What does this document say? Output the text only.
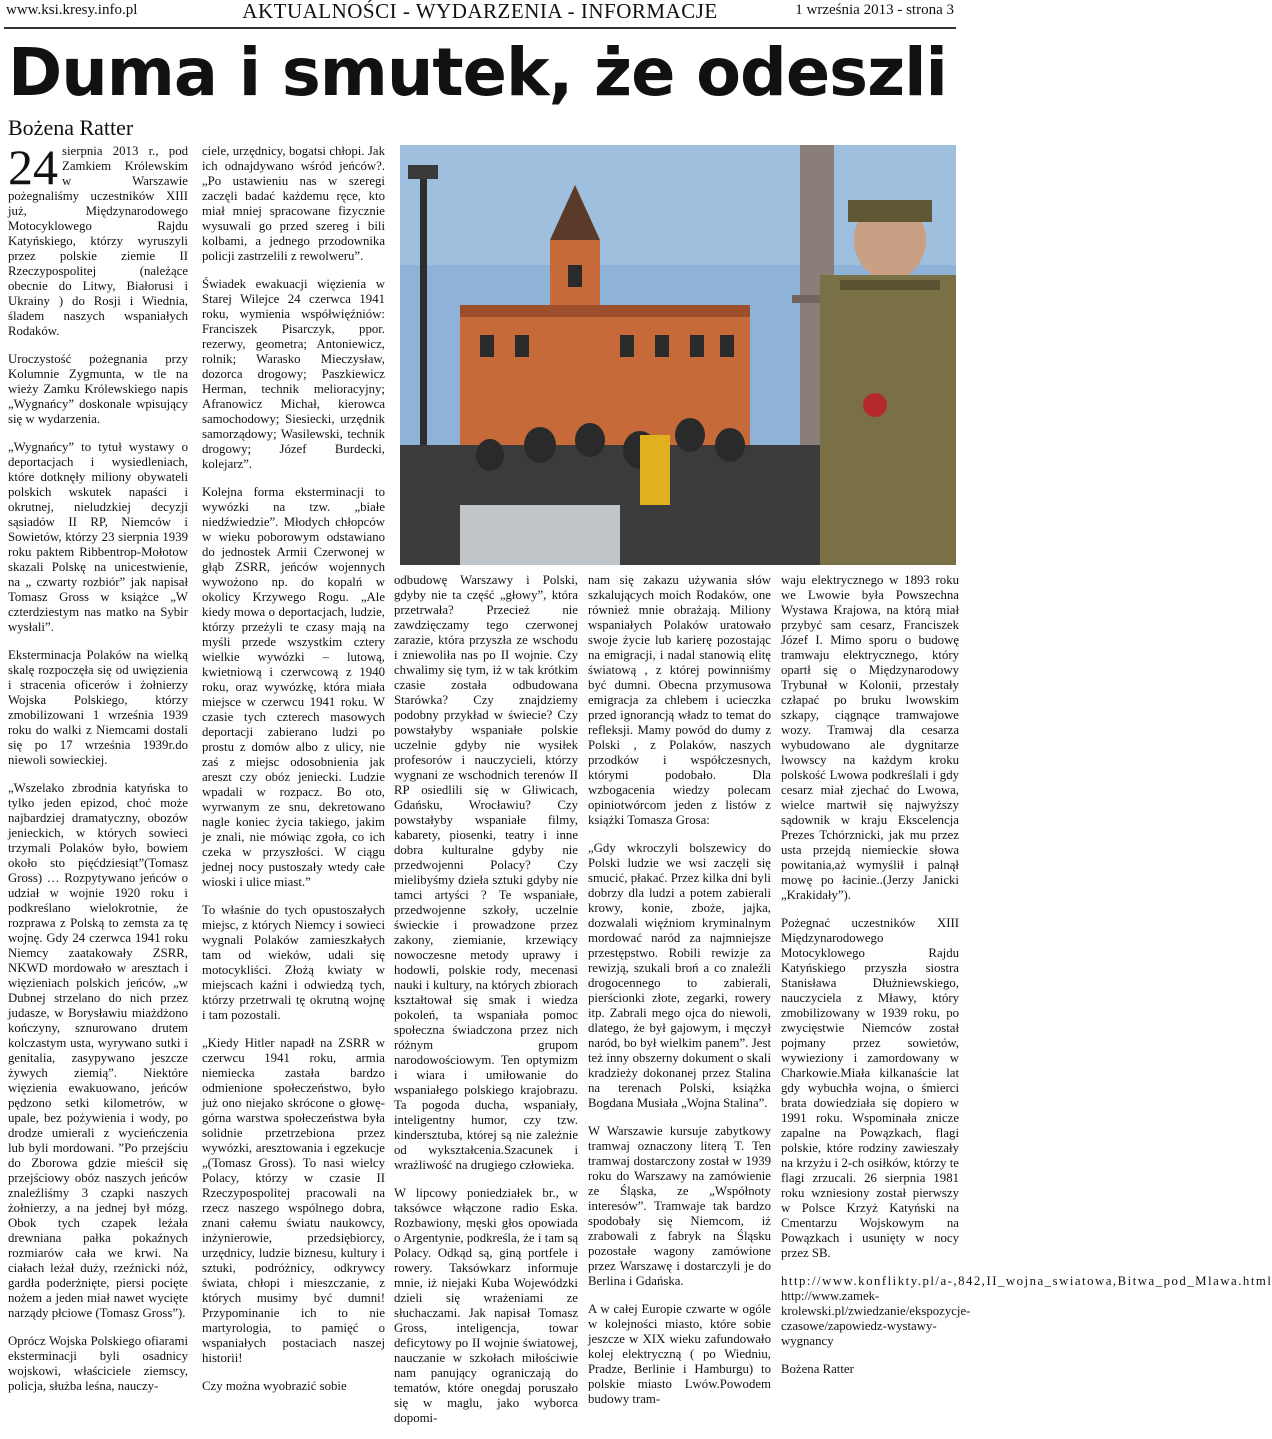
www.ksi.kresy.info.pl	AKTUALNOŚCI - WYDARZENIA - INFORMACJE	1 września 2013 - strona 3
Duma i smutek, że odeszli
Bożena Ratter

24 sierpnia 2013 r., pod Zamkiem Królewskim w Warszawie pożegnaliśmy uczestników XIII już, Międzynarodowego Motocyklowego Rajdu Katyńskiego, którzy wyruszyli przez polskie ziemie II Rzeczypospolitej (należące obecnie do Litwy, Białorusi i Ukrainy ) do Rosji i Wiednia, śladem naszych wspaniałych Rodaków.

Uroczystość pożegnania przy Kolumnie Zygmunta, w tle na wieży Zamku Królewskiego napis „Wygnańcy” doskonale wpisujący się w wydarzenia.

„Wygnańcy” to tytuł wystawy o deportacjach i wysiedleniach, które dotknęły miliony obywateli polskich wskutek napaści i okrutnej, nieludzkiej decyzji sąsiadów II RP, Niemców i Sowietów, którzy 23 sierpnia 1939 roku paktem Ribbentrop-Mołotow skazali Polskę na unicestwienie, na „ czwarty rozbiór” jak napisał Tomasz Gross w książce „W czterdziestym nas matko na Sybir wysłali”.

Eksterminacja Polaków na wielką skalę rozpoczęła się od uwięzienia i stracenia oficerów i żołnierzy Wojska Polskiego, którzy zmobilizowani 1 września 1939 roku do walki z Niemcami dostali się po 17 września 1939r.do niewoli sowieckiej.

„Wszelako zbrodnia katyńska to tylko jeden epizod, choć może najbardziej dramatyczny, obozów jenieckich, w których sowieci trzymali Polaków było, bowiem około sto pięćdziesiąt”(Tomasz Gross) … Rozpytywano jeńców o udział w wojnie 1920 roku i podkreślano wielokrotnie, że rozprawa z Polską to zemsta za tę wojnę. Gdy 24 czerwca 1941 roku Niemcy zaatakowały ZSRR, NKWD mordowało w aresztach i więzieniach polskich jeńców, „w Dubnej strzelano do nich przez judasze, w Borysławiu miażdżono kończyny, sznurowano drutem kolczastym usta, wyrywano sutki i genitalia, zasypywano jeszcze żywych ziemią”. Niektóre więzienia ewakuowano, jeńców pędzono setki kilometrów, w upale, bez pożywienia i wody, po drodze umierali z wycieńczenia lub byli mordowani. ”Po przejściu do Zborowa gdzie mieścił się przejściowy obóz naszych jeńców znaleźliśmy 3 czapki naszych żołnierzy, a na jednej był mózg. Obok tych czapek leżała drewniana pałka pokaźnych rozmiarów cała we krwi. Na ciałach leżał duży, rzeźnicki nóż, gardła poderżnięte, piersi pocięte nożem a jeden miał nawet wycięte narządy płciowe (Tomasz Gross”).

Oprócz Wojska Polskiego ofiarami eksterminacji byli osadnicy wojskowi, właściciele ziemscy, policja, służba leśna, nauczy-

ciele, urzędnicy, bogatsi chłopi. Jak ich odnajdywano wśród jeńców?. „Po ustawieniu nas w szeregi zaczęli badać każdemu ręce, kto miał mniej spracowane fizycznie wysuwali go przed szereg i bili kolbami, a jednego przodownika policji zastrzelili z rewolweru”.

Świadek ewakuacji więzienia w Starej Wilejce 24 czerwca 1941 roku, wymienia współwięźniów: Franciszek Pisarczyk, ppor. rezerwy, geometra; Antoniewicz, rolnik; Warasko Mieczysław, dozorca drogowy; Paszkiewicz Herman, technik melioracyjny; Afranowicz Michał, kierowca samochodowy; Siesiecki, urzędnik samorządowy; Wasilewski, technik drogowy; Józef Burdecki, kolejarz”.

Kolejna forma eksterminacji to wywózki na tzw. „białe niedźwiedzie”. Młodych chłopców w wieku poborowym odstawiano do jednostek Armii Czerwonej w głąb ZSRR, jeńców wojennych wywożono np. do kopalń w okolicy Krzywego Rogu. „Ale kiedy mowa o deportacjach, ludzie, którzy przeżyli te czasy mają na myśli przede wszystkim cztery wielkie wywózki – lutową, kwietniową i czerwcową z 1940 roku, oraz wywózkę, która miała miejsce w czerwcu 1941 roku. W czasie tych czterech masowych deportacji zabierano ludzi po prostu z domów albo z ulicy, nie zaś z miejsc odosobnienia jak areszt czy obóz jeniecki. Ludzie wpadali w rozpacz. Bo oto, wyrwanym ze snu, dekretowano nagle koniec życia takiego, jakim je znali, nie mówiąc zgoła, co ich czeka w przyszłości. W ciągu jednej nocy pustoszały wtedy całe wioski i ulice miast.”

To właśnie do tych opustoszałych miejsc, z których Niemcy i sowieci wygnali Polaków zamieszkałych tam od wieków, udali się motocykliści. Złożą kwiaty w miejscach kaźni i odwiedzą tych, którzy przetrwali tę okrutną wojnę i tam pozostali.

„Kiedy Hitler napadł na ZSRR w czerwcu 1941 roku, armia niemiecka zastała bardzo odmienione społeczeństwo, było już ono niejako skrócone o głowę- górna warstwa społeczeństwa była solidnie przetrzebiona przez wywózki, aresztowania i egzekucje „(Tomasz Gross). To nasi wielcy Polacy, którzy w czasie II Rzeczypospolitej pracowali na rzecz naszego wspólnego dobra, znani całemu światu naukowcy, inżynierowie, przedsiębiorcy, urzędnicy, ludzie biznesu, kultury i sztuki, podróżnicy, odkrywcy świata, chłopi i mieszczanie, z których musimy być dumni! Przypominanie ich to nie martyrologia, to pamięć o wspaniałych postaciach naszej historii!

Czy można wyobrazić sobie

odbudowę Warszawy i Polski, gdyby nie ta część „głowy”, która przetrwała? Przecież nie zawdzięczamy tego czerwonej zarazie, która przyszła ze wschodu i zniewoliła nas po II wojnie. Czy chwalimy się tym, iż w tak krótkim czasie została odbudowana Starówka? Czy znajdziemy podobny przykład w świecie? Czy powstałyby wspaniałe polskie uczelnie gdyby nie wysiłek profesorów i nauczycieli, którzy wygnani ze wschodnich terenów II RP osiedlili się w Gliwicach, Gdańsku, Wrocławiu? Czy powstałyby wspaniałe filmy, kabarety, piosenki, teatry i inne dobra kulturalne gdyby nie przedwojenni Polacy? Czy mielibyśmy dzieła sztuki gdyby nie tamci artyści ? Te wspaniałe, przedwojenne szkoły, uczelnie świeckie i prowadzone przez zakony, ziemianie, krzewiący nowoczesne metody uprawy i hodowli, polskie rody, mecenasi nauki i kultury, na których zbiorach kształtował się smak i wiedza pokoleń, ta wspaniała pomoc społeczna świadczona przez nich różnym grupom narodowościowym. Ten optymizm i wiara i umiłowanie do wspaniałego polskiego krajobrazu. Ta pogoda ducha, wspaniały, inteligentny humor, czy tzw. kindersztuba, której są nie zależnie od wykształcenia.Szacunek i wrażliwość na drugiego człowieka.

W lipcowy poniedziałek br., w taksówce włączone radio Eska. Rozbawiony, męski głos opowiada o Argentynie, podkreśla, że i tam są Polacy. Odkąd są, giną portfele i rowery. Taksówkarz informuje mnie, iż niejaki Kuba Wojewódzki dzieli się wrażeniami ze słuchaczami. Jak napisał Tomasz Gross, inteligencja, towar deficytowy po II wojnie światowej, nauczanie w szkołach miłościwie nam panujący ograniczają do tematów, które onegdaj poruszało się w maglu, jako wyborca dopomi-

nam się zakazu używania słów szkalujących moich Rodaków, one również mnie obrażają. Miliony wspaniałych Polaków uratowało swoje życie lub karierę pozostając na emigracji, i nadal stanowią elitę światową , z której powinniśmy być dumni. Obecna przymusowa emigracja za chlebem i ucieczka przed ignorancją władz to temat do refleksji. Mamy powód do dumy z Polski , z Polaków, naszych przodków i współczesnych, którymi podobało. Dla wzbogacenia wiedzy polecam opiniotwórcom jeden z listów z książki Tomasza Grosa:

„Gdy wkroczyli bolszewicy do Polski ludzie we wsi zaczęli się smucić, płakać. Przez kilka dni byli dobrzy dla ludzi a potem zabierali krowy, konie, zboże, jajka, dozwalali więźniom kryminalnym mordować naród za najmniejsze przestępstwo. Robili rewizje za rewizją, szukali broń a co znaleźli drogocennego to zabierali, pierścionki złote, zegarki, rowery itp. Zabrali mego ojca do niewoli, dlatego, że był gajowym, i męczył naród, bo był wielkim panem”. Jest też inny obszerny dokument o skali kradzieży dokonanej przez Stalina na terenach Polski, książka Bogdana Musiała „Wojna Stalina”.

W Warszawie kursuje zabytkowy tramwaj oznaczony literą T. Ten tramwaj dostarczony został w 1939 roku do Warszawy na zamówienie ze Śląska, ze „Współnoty interesów”. Tramwaje tak bardzo spodobały się Niemcom, iż zrabowali z fabryk na Śląsku pozostałe wagony zamówione przez Warszawę i dostarczyli je do Berlina i Gdańska.

A w całej Europie czwarte w ogóle w kolejności miasto, które sobie jeszcze w XIX wieku zafundowało kolej elektryczną ( po Wiedniu, Pradze, Berlinie i Hamburgu) to polskie miasto Lwów.Powodem budowy tram-

waju elektrycznego w 1893 roku we Lwowie była Powszechna Wystawa Krajowa, na którą miał przybyć sam cesarz, Franciszek Józef I. Mimo sporu o budowę tramwaju elektrycznego, który opartł się o Międzynarodowy Trybunał w Kolonii, przestały człapać po bruku lwowskim szkapy, ciągnące tramwajowe wozy. Tramwaj dla cesarza wybudowano ale dygnitarze lwowscy na każdym kroku polskość Lwowa podkreślali i gdy cesarz miał zjechać do Lwowa, wielce martwił się najwyższy sądownik w kraju Ekscelencja Prezes Tchórznicki, jak mu przez usta przejdą niemieckie słowa powitania,aż wymyślił i palnął mowę po łacinie..(Jerzy Janicki „Krakidały”).

Pożegnać uczestników XIII Międzynarodowego Motocyklowego Rajdu Katyńskiego przyszła siostra Stanisława Dłużniewskiego, nauczyciela z Mławy, który zmobilizowany w 1939 roku, po zwycięstwie Niemców został pojmany przez sowietów, wywieziony i zamordowany w Charkowie.Miała kilkanaście lat gdy wybuchła wojna, o śmierci brata dowiedziała się dopiero w 1991 roku. Wspominała znicze zapalne na Powązkach, flagi polskie, które rodziny zawieszały na krzyżu i 2-ch osiłków, którzy te flagi zrzucali. 26 sierpnia 1981 roku wzniesiony został pierwszy w Polsce Krzyż Katyński na Cmentarzu Wojskowym na Powązkach i usunięty w nocy przez SB.

http://www.konflikty.pl/a-,842,II_wojna_swiatowa,Bitwa_pod_Mlawa.html

http://www.zamek-krolewski.pl/zwiedzanie/ekspozycje-czasowe/zapowiedz-wystawy-wygnancy

Bożena Ratter
